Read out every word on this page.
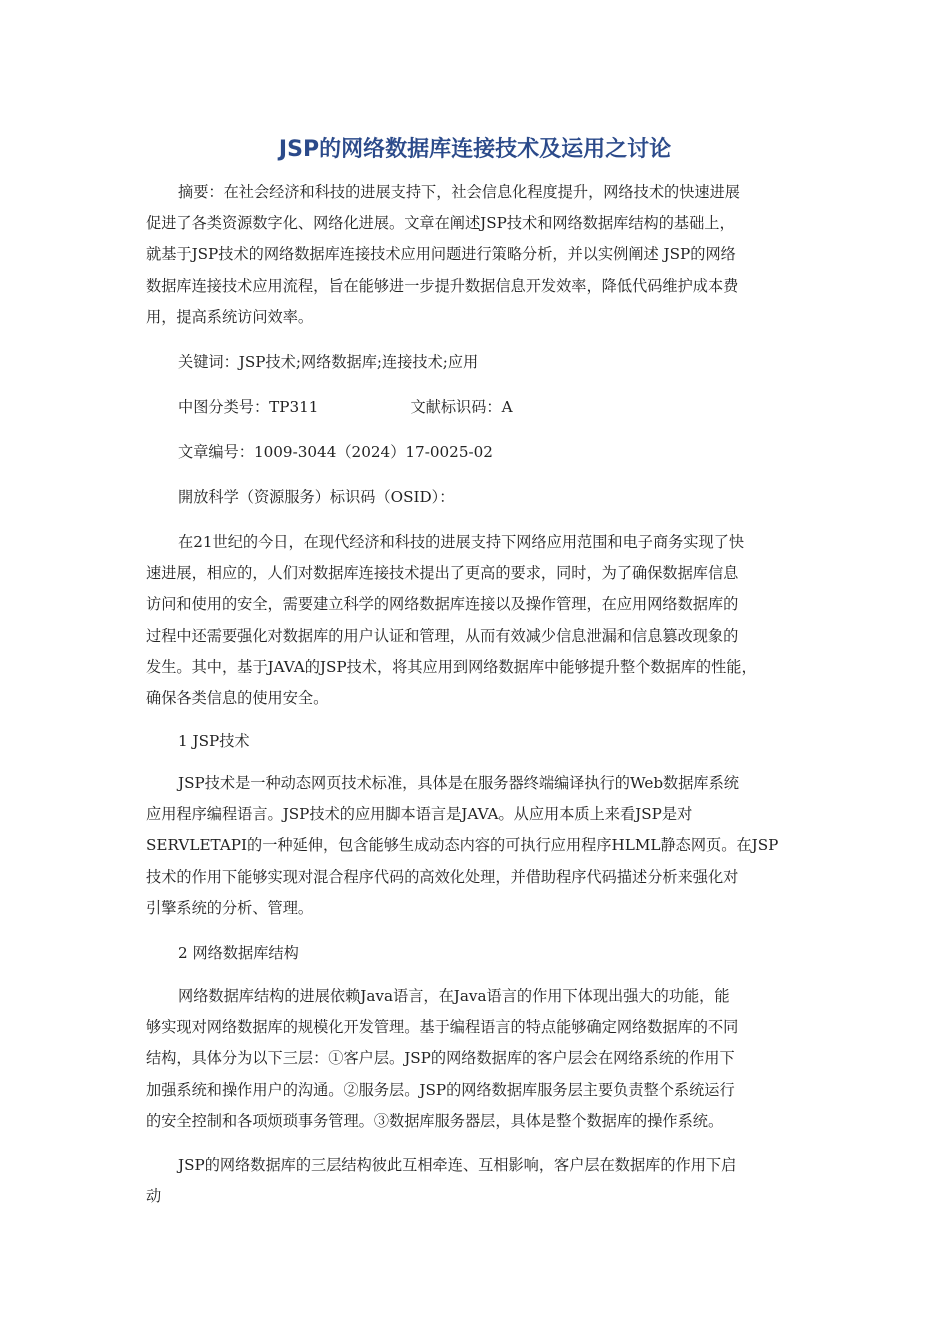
JSP的网络数据库连接技术及运用之讨论
摘要：在社会经济和科技的进展支持下，社会信息化程度提升，网络技术的快速进展
促进了各类资源数字化、网络化进展。文章在阐述JSP技术和网络数据库结构的基础上，
就基于JSP技术的网络数据库连接技术应用问题进行策略分析，并以实例阐述 JSP的网络
数据库连接技术应用流程，旨在能够进一步提升数据信息开发效率，降低代码维护成本费
用，提高系统访问效率。
关键词：JSP技术;网络数据库;连接技术;应用
中图分类号：TP311	文献标识码：A
文章编号：1009-3044（2024）17-0025-02
開放科学（资源服务）标识码（OSID）：
在21世纪的今日，在现代经济和科技的进展支持下网络应用范围和电子商务实现了快
速进展，相应的，人们对数据库连接技术提出了更高的要求，同时，为了确保数据库信息
访问和使用的安全，需要建立科学的网络数据库连接以及操作管理，在应用网络数据库的
过程中还需要强化对数据库的用户认证和管理，从而有效减少信息泄漏和信息篡改现象的
发生。其中，基于JAVA的JSP技术，将其应用到网络数据库中能够提升整个数据库的性能，
确保各类信息的使用安全。
1 JSP技术
JSP技术是一种动态网页技术标准，具体是在服务器终端编译执行的Web数据库系统
应用程序编程语言。JSP技术的应用脚本语言是JAVA。从应用本质上来看JSP是对
SERVLETAPI的一种延伸，包含能够生成动态内容的可执行应用程序HLML静态网页。在JSP
技术的作用下能够实现对混合程序代码的高效化处理，并借助程序代码描述分析来强化对
引擎系统的分析、管理。
2 网络数据库结构
网络数据库结构的进展依赖Java语言，在Java语言的作用下体现出强大的功能，能
够实现对网络数据库的规模化开发管理。基于编程语言的特点能够确定网络数据库的不同
结构，具体分为以下三层：①客户层。JSP的网络数据库的客户层会在网络系统的作用下
加强系统和操作用户的沟通。②服务层。JSP的网络数据库服务层主要负责整个系统运行
的安全控制和各项烦琐事务管理。③数据库服务器层，具体是整个数据库的操作系统。
JSP的网络数据库的三层结构彼此互相牵连、互相影响，客户层在数据库的作用下启
动
